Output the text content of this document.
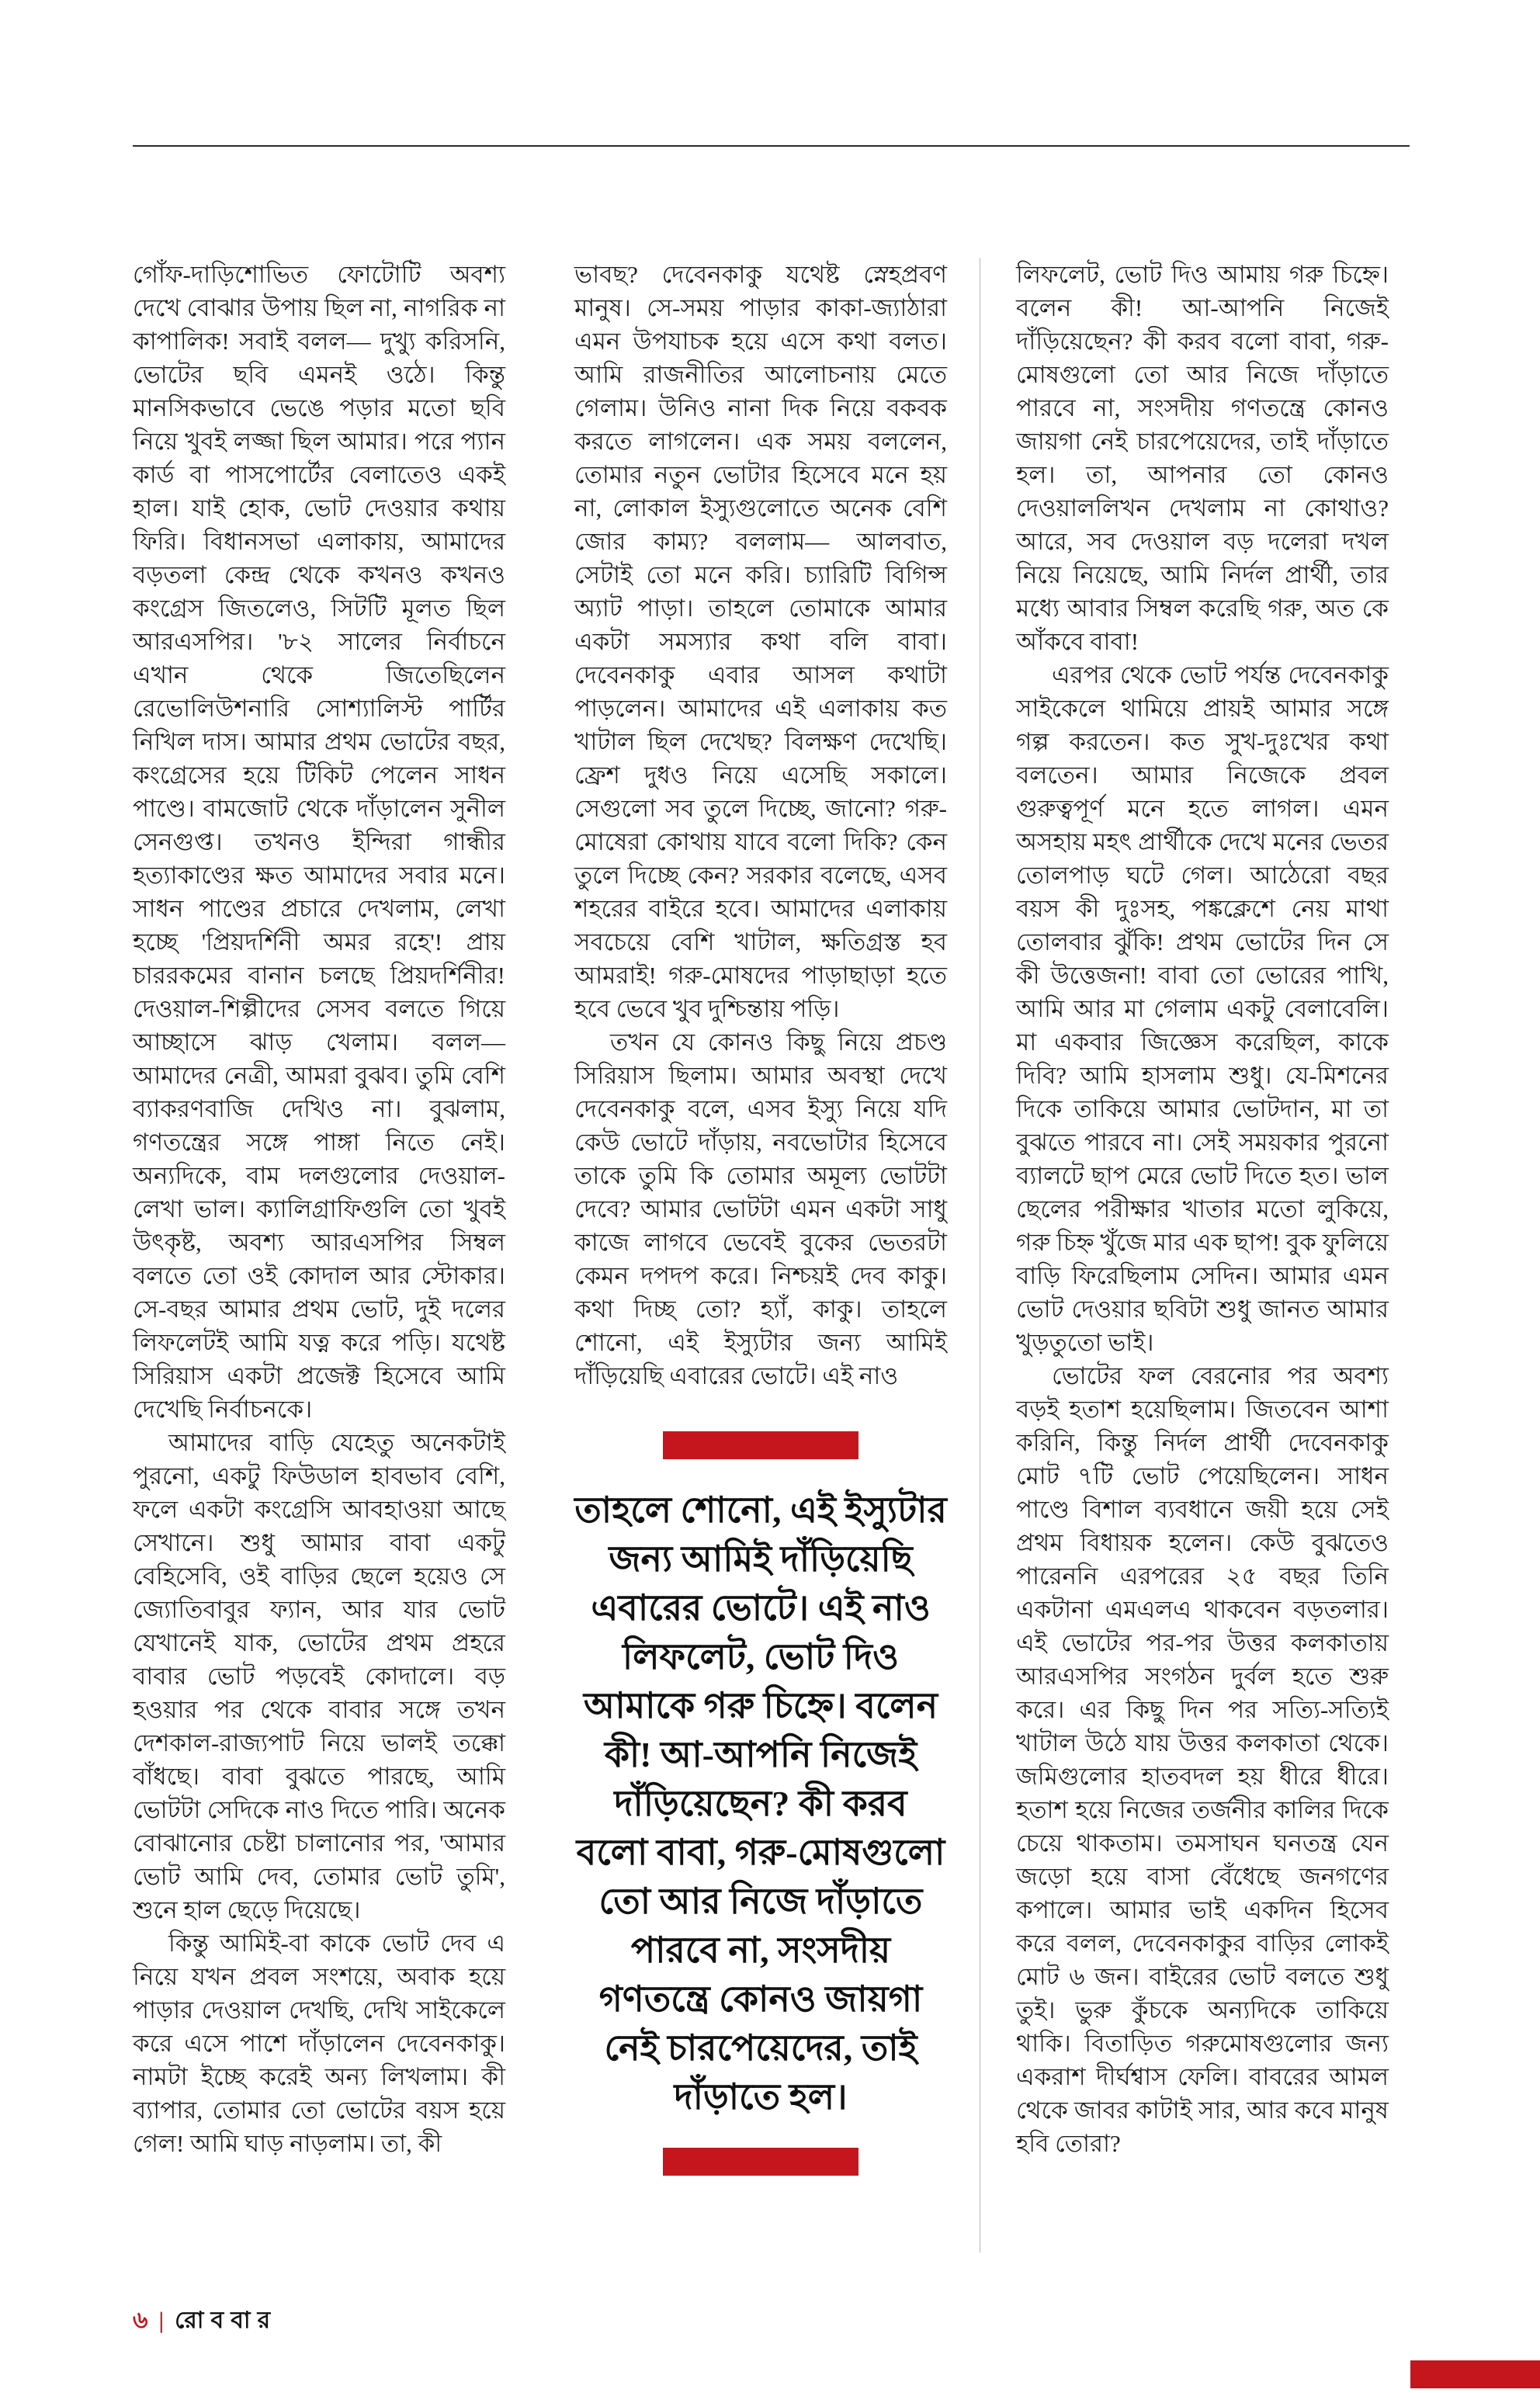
গোঁফ-দাড়িশোভিত ফোটোটি অবশ্য দেখে বোঝার উপায় ছিল না, নাগরিক না কাপালিক! সবাই বলল— দুখ্যু করিসনি, ভোটের ছবি এমনই ওঠে। কিন্তু মানসিকভাবে ভেঙে পড়ার মতো ছবি নিয়ে খুবই লজ্জা ছিল আমার। পরে প্যান কার্ড বা পাসপোর্টের বেলাতেও একই হাল। যাই হোক, ভোট দেওয়ার কথায় ফিরি। বিধানসভা এলাকায়, আমাদের বড়তলা কেন্দ্র থেকে কখনও কখনও কংগ্রেস জিতলেও, সিটটি মূলত ছিল আরএসপির। '৮২ সালের নির্বাচনে এখান থেকে জিতেছিলেন রেভোলিউশনারি সোশ্যালিস্ট পার্টির নিখিল দাস। আমার প্রথম ভোটের বছর, কংগ্রেসের হয়ে টিকিট পেলেন সাধন পাণ্ডে। বামজোট থেকে দাঁড়ালেন সুনীল সেনগুপ্ত। তখনও ইন্দিরা গান্ধীর হত্যাকাণ্ডের ক্ষত আমাদের সবার মনে। সাধন পাণ্ডের প্রচারে দেখলাম, লেখা হচ্ছে 'প্রিয়দর্শিনী অমর রহে'! প্রায় চাররকমের বানান চলছে প্রিয়দর্শিনীর! দেওয়াল-শিল্পীদের সেসব বলতে গিয়ে আচ্ছাসে ঝাড় খেলাম। বলল— আমাদের নেত্রী, আমরা বুঝব। তুমি বেশি ব্যাকরণবাজি দেখিও না। বুঝলাম, গণতন্ত্রের সঙ্গে পাঙ্গা নিতে নেই। অন্যদিকে, বাম দলগুলোর দেওয়াল-লেখা ভাল। ক্যালিগ্রাফিগুলি তো খুবই উৎকৃষ্ট, অবশ্য আরএসপির সিম্বল বলতে তো ওই কোদাল আর স্টোকার। সে-বছর আমার প্রথম ভোট, দুই দলের লিফলেটই আমি যত্ন করে পড়ি। যথেষ্ট সিরিয়াস একটা প্রজেক্ট হিসেবে আমি দেখেছি নির্বাচনকে।

আমাদের বাড়ি যেহেতু অনেকটাই পুরনো, একটু ফিউডাল হাবভাব বেশি, ফলে একটা কংগ্রেসি আবহাওয়া আছে সেখানে। শুধু আমার বাবা একটু বেহিসেবি, ওই বাড়ির ছেলে হয়েও সে জ্যোতিবাবুর ফ্যান, আর যার ভোট যেখানেই যাক, ভোটের প্রথম প্রহরে বাবার ভোট পড়বেই কোদালে। বড় হওয়ার পর থেকে বাবার সঙ্গে তখন দেশকাল-রাজ্যপাট নিয়ে ভালই তক্কো বাঁধছে। বাবা বুঝতে পারছে, আমি ভোটটা সেদিকে নাও দিতে পারি। অনেক বোঝানোর চেষ্টা চালানোর পর, 'আমার ভোট আমি দেব, তোমার ভোট তুমি', শুনে হাল ছেড়ে দিয়েছে।

কিন্তু আমিই-বা কাকে ভোট দেব এ নিয়ে যখন প্রবল সংশয়ে, অবাক হয়ে পাড়ার দেওয়াল দেখছি, দেখি সাইকেলে করে এসে পাশে দাঁড়ালেন দেবেনকাকু। নামটা ইচ্ছে করেই অন্য লিখলাম। কী ব্যাপার, তোমার তো ভোটের বয়স হয়ে গেল! আমি ঘাড় নাড়লাম। তা, কী

ভাবছ? দেবেনকাকু যথেষ্ট স্নেহপ্রবণ মানুষ। সে-সময় পাড়ার কাকা-জ্যাঠারা এমন উপযাচক হয়ে এসে কথা বলত। আমি রাজনীতির আলোচনায় মেতে গেলাম। উনিও নানা দিক নিয়ে বকবক করতে লাগলেন। এক সময় বললেন, তোমার নতুন ভোটার হিসেবে মনে হয় না, লোকাল ইস্যুগুলোতে অনেক বেশি জোর কাম্য? বললাম— আলবাত, সেটাই তো মনে করি। চ্যারিটি বিগিন্স অ্যাট পাড়া। তাহলে তোমাকে আমার একটা সমস্যার কথা বলি বাবা। দেবেনকাকু এবার আসল কথাটা পাড়লেন। আমাদের এই এলাকায় কত খাটাল ছিল দেখেছ? বিলক্ষণ দেখেছি। ফ্রেশ দুধও নিয়ে এসেছি সকালে। সেগুলো সব তুলে দিচ্ছে, জানো? গরু-মোষেরা কোথায় যাবে বলো দিকি? কেন তুলে দিচ্ছে কেন? সরকার বলেছে, এসব শহরের বাইরে হবে। আমাদের এলাকায় সবচেয়ে বেশি খাটাল, ক্ষতিগ্রস্ত হব আমরাই! গরু-মোষদের পাড়াছাড়া হতে হবে ভেবে খুব দুশ্চিন্তায় পড়ি।

তখন যে কোনও কিছু নিয়ে প্রচণ্ড সিরিয়াস ছিলাম। আমার অবস্থা দেখে দেবেনকাকু বলে, এসব ইস্যু নিয়ে যদি কেউ ভোটে দাঁড়ায়, নবভোটার হিসেবে তাকে তুমি কি তোমার অমূল্য ভোটটা দেবে? আমার ভোটটা এমন একটা সাধু কাজে লাগবে ভেবেই বুকের ভেতরটা কেমন দপদপ করে। নিশ্চয়ই দেব কাকু। কথা দিচ্ছ তো? হ্যাঁ, কাকু। তাহলে শোনো, এই ইস্যুটার জন্য আমিই দাঁড়িয়েছি এবারের ভোটে। এই নাও

তাহলে শোনো, এই ইস্যুটার জন্য আমিই দাঁড়িয়েছি এবারের ভোটে। এই নাও লিফলেট, ভোট দিও আমাকে গরু চিহ্নে। বলেন কী! আ-আপনি নিজেই দাঁড়িয়েছেন? কী করব বলো বাবা, গরু-মোষগুলো তো আর নিজে দাঁড়াতে পারবে না, সংসদীয় গণতন্ত্রে কোনও জায়গা নেই চারপেয়েদের, তাই দাঁড়াতে হল।

লিফলেট, ভোট দিও আমায় গরু চিহ্নে। বলেন কী! আ-আপনি নিজেই দাঁড়িয়েছেন? কী করব বলো বাবা, গরু-মোষগুলো তো আর নিজে দাঁড়াতে পারবে না, সংসদীয় গণতন্ত্রে কোনও জায়গা নেই চারপেয়েদের, তাই দাঁড়াতে হল। তা, আপনার তো কোনও দেওয়াললিখন দেখলাম না কোথাও? আরে, সব দেওয়াল বড় দলেরা দখল নিয়ে নিয়েছে, আমি নির্দল প্রার্থী, তার মধ্যে আবার সিম্বল করেছি গরু, অত কে আঁকবে বাবা!

এরপর থেকে ভোট পর্যন্ত দেবেনকাকু সাইকেলে থামিয়ে প্রায়ই আমার সঙ্গে গল্প করতেন। কত সুখ-দুঃখের কথা বলতেন। আমার নিজেকে প্রবল গুরুত্বপূর্ণ মনে হতে লাগল। এমন অসহায় মহৎ প্রার্থীকে দেখে মনের ভেতর তোলপাড় ঘটে গেল। আঠেরো বছর বয়স কী দুঃসহ, পঙ্কক্লেশে নেয় মাথা তোলবার ঝুঁকি! প্রথম ভোটের দিন সে কী উত্তেজনা! বাবা তো ভোরের পাখি, আমি আর মা গেলাম একটু বেলাবেলি। মা একবার জিজ্ঞেস করেছিল, কাকে দিবি? আমি হাসলাম শুধু। যে-মিশনের দিকে তাকিয়ে আমার ভোটদান, মা তা বুঝতে পারবে না। সেই সময়কার পুরনো ব্যালটে ছাপ মেরে ভোট দিতে হত। ভাল ছেলের পরীক্ষার খাতার মতো লুকিয়ে, গরু চিহ্ন খুঁজে মার এক ছাপ! বুক ফুলিয়ে বাড়ি ফিরেছিলাম সেদিন। আমার এমন ভোট দেওয়ার ছবিটা শুধু জানত আমার খুড়তুতো ভাই।

ভোটের ফল বেরনোর পর অবশ্য বড়ই হতাশ হয়েছিলাম। জিতবেন আশা করিনি, কিন্তু নির্দল প্রার্থী দেবেনকাকু মোট ৭টি ভোট পেয়েছিলেন। সাধন পাণ্ডে বিশাল ব্যবধানে জয়ী হয়ে সেই প্রথম বিধায়ক হলেন। কেউ বুঝতেও পারেননি এরপরের ২৫ বছর তিনি একটানা এমএলএ থাকবেন বড়তলার। এই ভোটের পর-পর উত্তর কলকাতায় আরএসপির সংগঠন দুর্বল হতে শুরু করে। এর কিছু দিন পর সত্যি-সত্যিই খাটাল উঠে যায় উত্তর কলকাতা থেকে। জমিগুলোর হাতবদল হয় ধীরে ধীরে। হতাশ হয়ে নিজের তর্জনীর কালির দিকে চেয়ে থাকতাম। তমসাঘন ঘনতন্ত্র যেন জড়ো হয়ে বাসা বেঁধেছে জনগণের কপালে। আমার ভাই একদিন হিসেব করে বলল, দেবেনকাকুর বাড়ির লোকই মোট ৬ জন। বাইরের ভোট বলতে শুধু তুই। ভুরু কুঁচকে অন্যদিকে তাকিয়ে থাকি। বিতাড়িত গরুমোষগুলোর জন্য একরাশ দীর্ঘশ্বাস ফেলি। বাবরের আমল থেকে জাবর কাটাই সার, আর কবে মানুষ হবি তোরা?

৬ | রোববার
